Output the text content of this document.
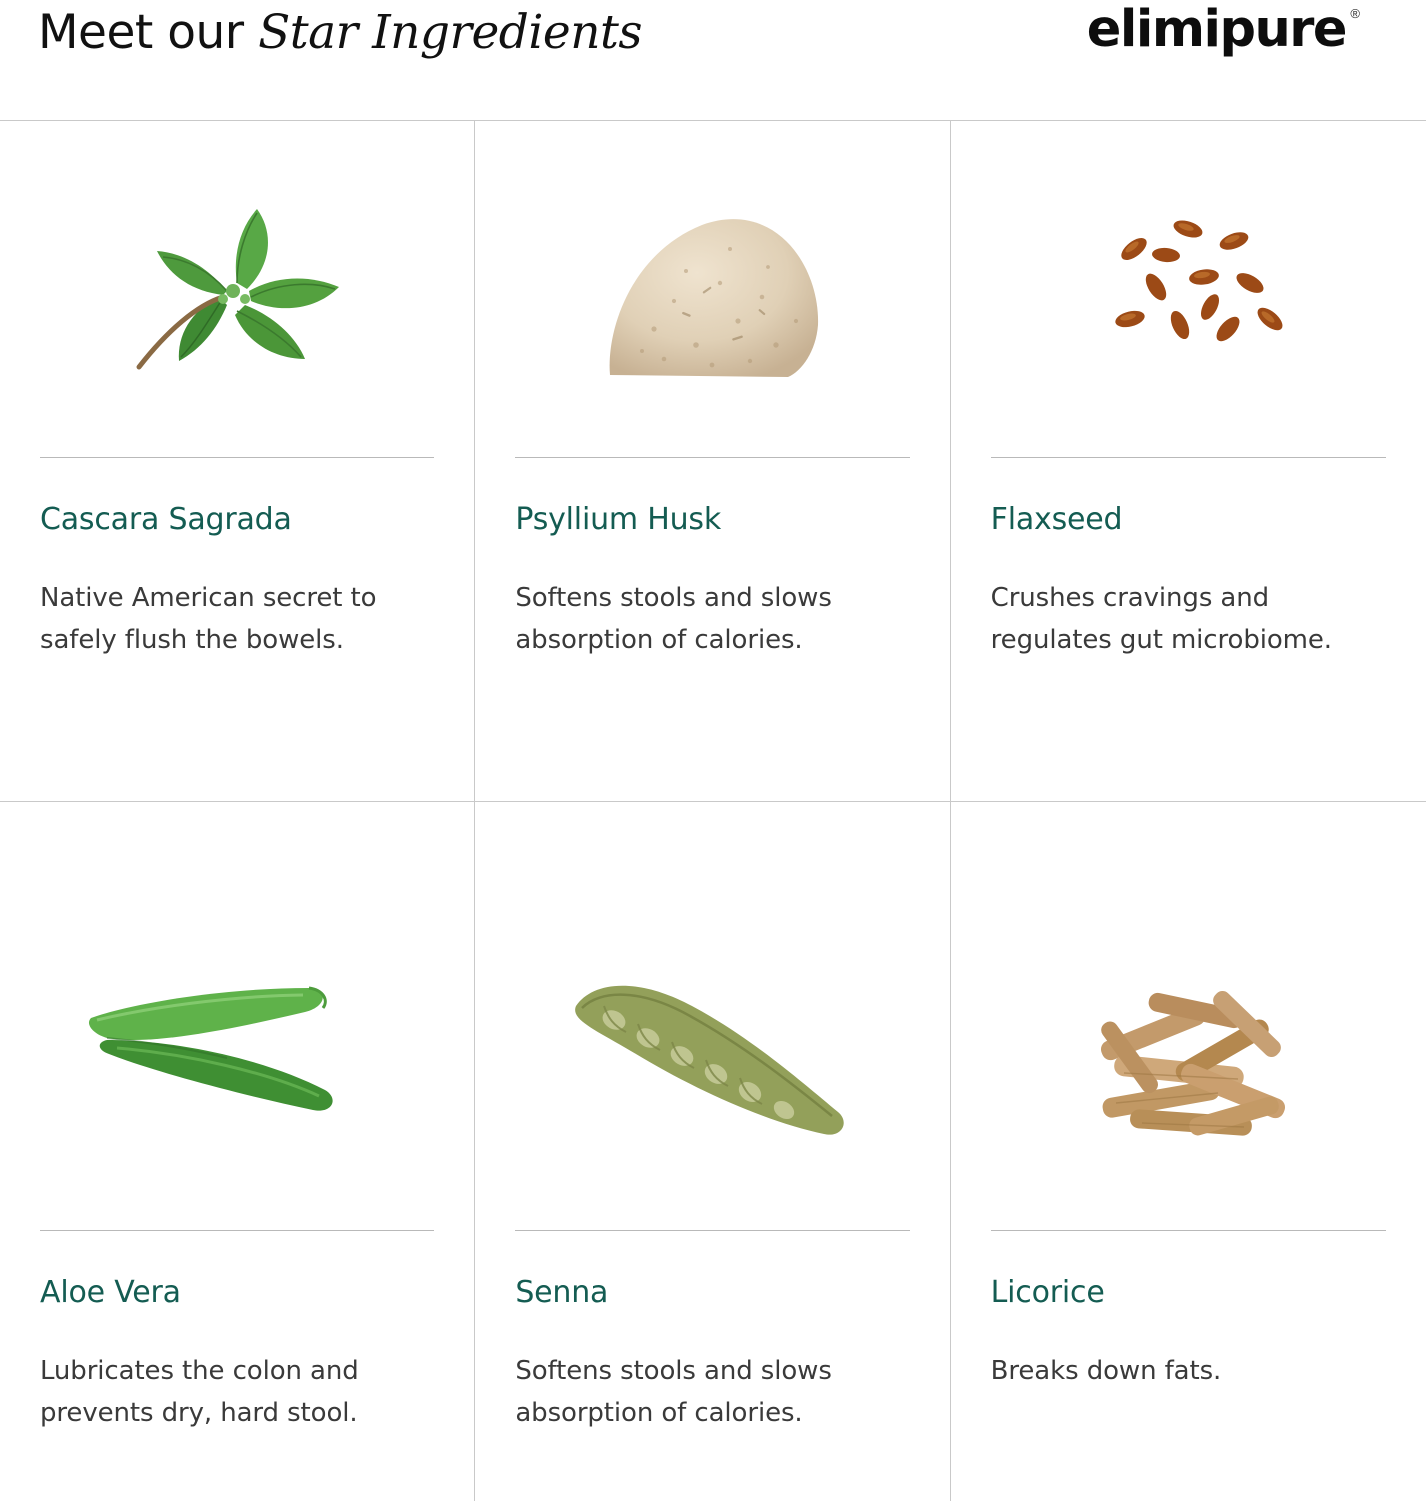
Meet our Star Ingredients	elimipure ®
Cascara Sagrada
Native American secret to safely flush the bowels.
Psyllium Husk
Softens stools and slows absorption of calories.
Flaxseed
Crushes cravings and regulates gut microbiome.
Aloe Vera
Lubricates the colon and prevents dry, hard stool.
Senna
Softens stools and slows absorption of calories.
Licorice
Breaks down fats.
